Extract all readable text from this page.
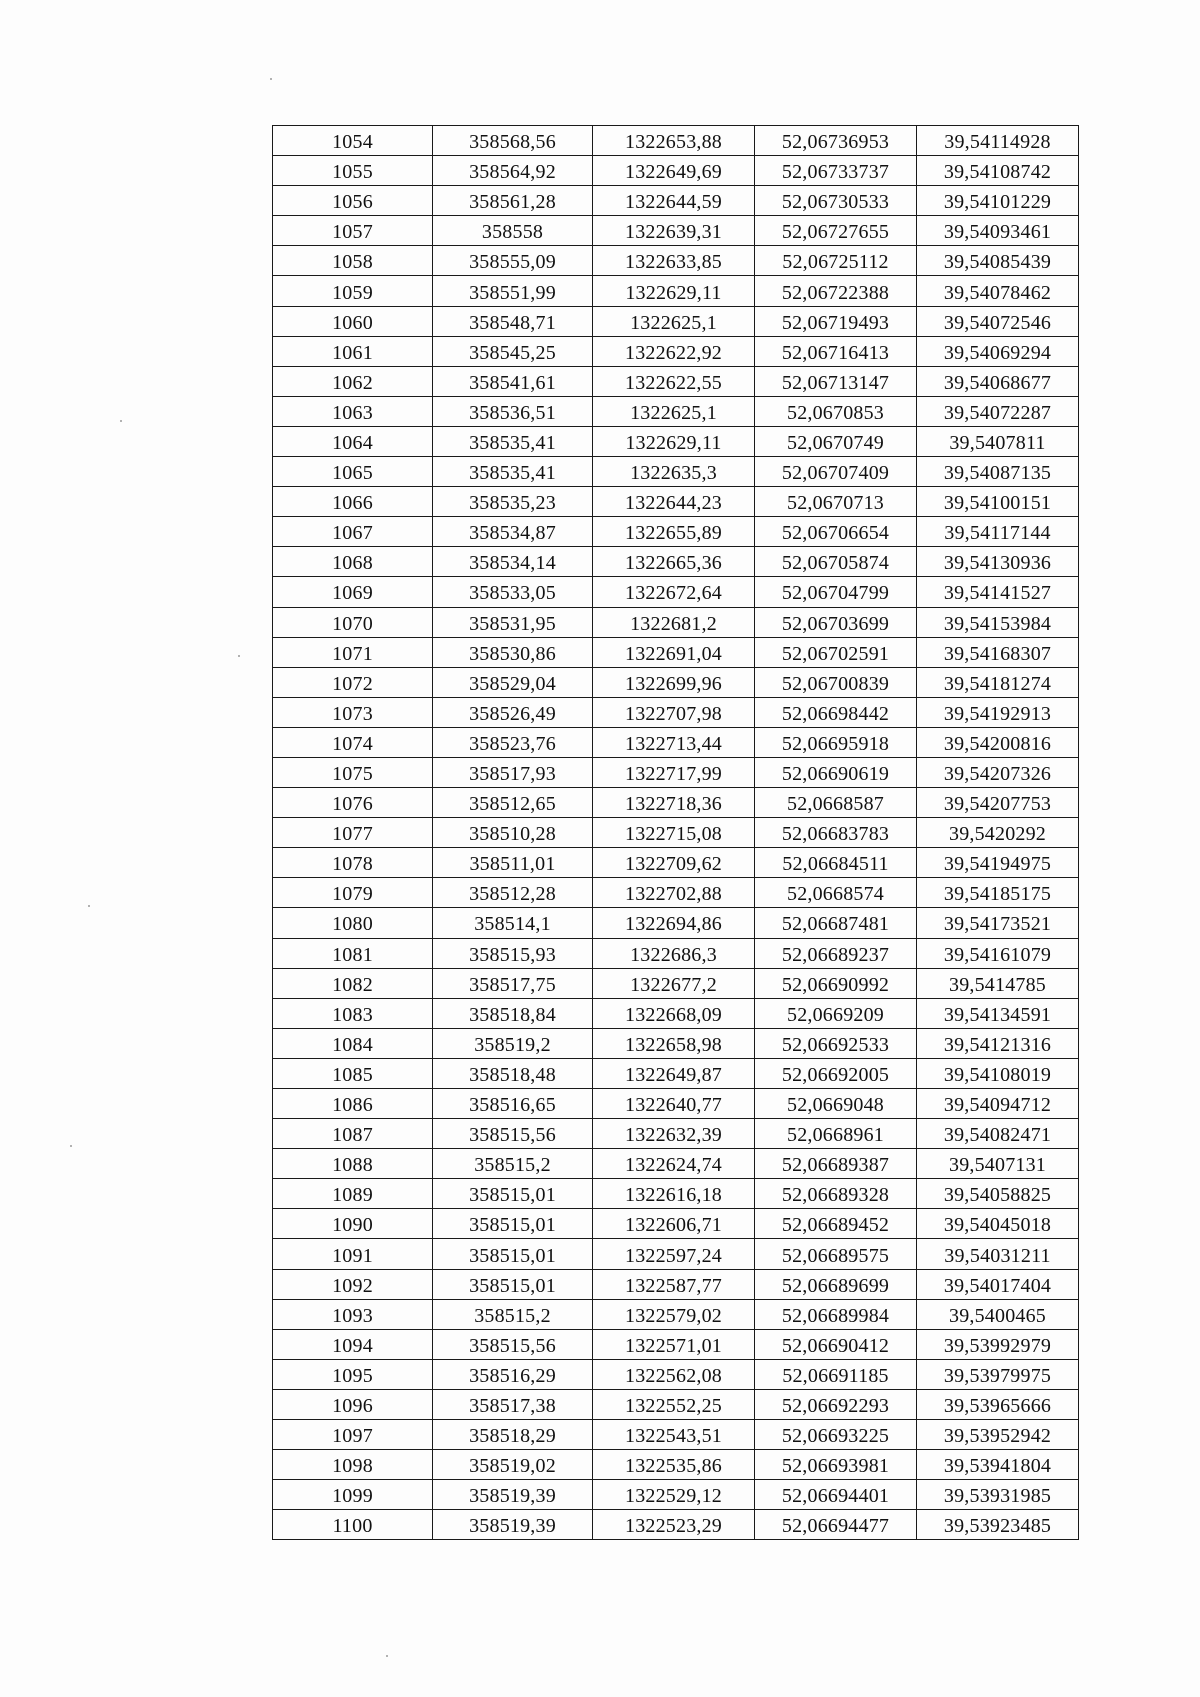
1054	358568,56	1322653,88	52,06736953	39,54114928
1055	358564,92	1322649,69	52,06733737	39,54108742
1056	358561,28	1322644,59	52,06730533	39,54101229
1057	358558	1322639,31	52,06727655	39,54093461
1058	358555,09	1322633,85	52,06725112	39,54085439
1059	358551,99	1322629,11	52,06722388	39,54078462
1060	358548,71	1322625,1	52,06719493	39,54072546
1061	358545,25	1322622,92	52,06716413	39,54069294
1062	358541,61	1322622,55	52,06713147	39,54068677
1063	358536,51	1322625,1	52,0670853	39,54072287
1064	358535,41	1322629,11	52,0670749	39,5407811
1065	358535,41	1322635,3	52,06707409	39,54087135
1066	358535,23	1322644,23	52,0670713	39,54100151
1067	358534,87	1322655,89	52,06706654	39,54117144
1068	358534,14	1322665,36	52,06705874	39,54130936
1069	358533,05	1322672,64	52,06704799	39,54141527
1070	358531,95	1322681,2	52,06703699	39,54153984
1071	358530,86	1322691,04	52,06702591	39,54168307
1072	358529,04	1322699,96	52,06700839	39,54181274
1073	358526,49	1322707,98	52,06698442	39,54192913
1074	358523,76	1322713,44	52,06695918	39,54200816
1075	358517,93	1322717,99	52,06690619	39,54207326
1076	358512,65	1322718,36	52,0668587	39,54207753
1077	358510,28	1322715,08	52,06683783	39,5420292
1078	358511,01	1322709,62	52,06684511	39,54194975
1079	358512,28	1322702,88	52,0668574	39,54185175
1080	358514,1	1322694,86	52,06687481	39,54173521
1081	358515,93	1322686,3	52,06689237	39,54161079
1082	358517,75	1322677,2	52,06690992	39,5414785
1083	358518,84	1322668,09	52,0669209	39,54134591
1084	358519,2	1322658,98	52,06692533	39,54121316
1085	358518,48	1322649,87	52,06692005	39,54108019
1086	358516,65	1322640,77	52,0669048	39,54094712
1087	358515,56	1322632,39	52,0668961	39,54082471
1088	358515,2	1322624,74	52,06689387	39,5407131
1089	358515,01	1322616,18	52,06689328	39,54058825
1090	358515,01	1322606,71	52,06689452	39,54045018
1091	358515,01	1322597,24	52,06689575	39,54031211
1092	358515,01	1322587,77	52,06689699	39,54017404
1093	358515,2	1322579,02	52,06689984	39,5400465
1094	358515,56	1322571,01	52,06690412	39,53992979
1095	358516,29	1322562,08	52,06691185	39,53979975
1096	358517,38	1322552,25	52,06692293	39,53965666
1097	358518,29	1322543,51	52,06693225	39,53952942
1098	358519,02	1322535,86	52,06693981	39,53941804
1099	358519,39	1322529,12	52,06694401	39,53931985
1100	358519,39	1322523,29	52,06694477	39,53923485
